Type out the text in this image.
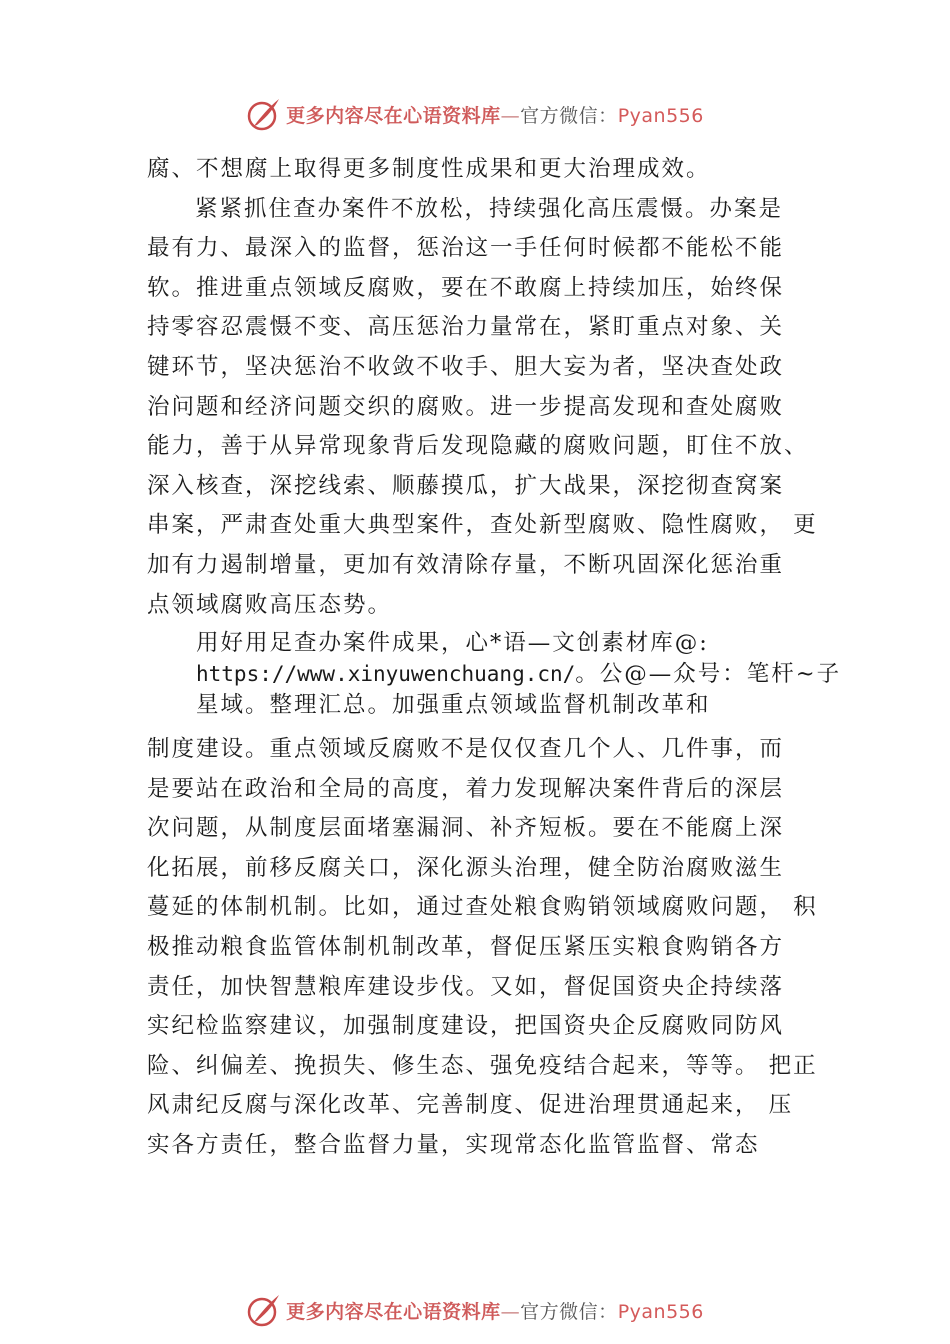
更多内容尽在心语资料库—官方微信：Pyan556
腐、不想腐上取得更多制度性成果和更大治理成效。
紧紧抓住查办案件不放松，持续强化高压震慑。办案是
最有力、最深入的监督，惩治这一手任何时候都不能松不能
软。推进重点领域反腐败，要在不敢腐上持续加压，始终保
持零容忍震慑不变、高压惩治力量常在，紧盯重点对象、关
键环节，坚决惩治不收敛不收手、胆大妄为者，坚决查处政
治问题和经济问题交织的腐败。进一步提高发现和查处腐败
能力，善于从异常现象背后发现隐藏的腐败问题，盯住不放、
深入核查，深挖线索、顺藤摸瓜，扩大战果，深挖彻查窝案
串案，严肃查处重大典型案件，查处新型腐败、隐性腐败， 更
加有力遏制增量，更加有效清除存量，不断巩固深化惩治重
点领域腐败高压态势。
用好用足查办案件成果，心*语—文创素材库@:
https://www.xinyuwenchuang.cn/。公@—众号：笔杆~子
星域。整理汇总。加强重点领域监督机制改革和
制度建设。重点领域反腐败不是仅仅查几个人、几件事，而
是要站在政治和全局的高度，着力发现解决案件背后的深层
次问题，从制度层面堵塞漏洞、补齐短板。要在不能腐上深
化拓展，前移反腐关口，深化源头治理，健全防治腐败滋生
蔓延的体制机制。比如，通过查处粮食购销领域腐败问题， 积
极推动粮食监管体制机制改革，督促压紧压实粮食购销各方
责任，加快智慧粮库建设步伐。又如，督促国资央企持续落
实纪检监察建议，加强制度建设，把国资央企反腐败同防风
险、纠偏差、挽损失、修生态、强免疫结合起来，等等。 把正
风肃纪反腐与深化改革、完善制度、促进治理贯通起来， 压
实各方责任，整合监督力量，实现常态化监管监督、常态
更多内容尽在心语资料库—官方微信：Pyan556
